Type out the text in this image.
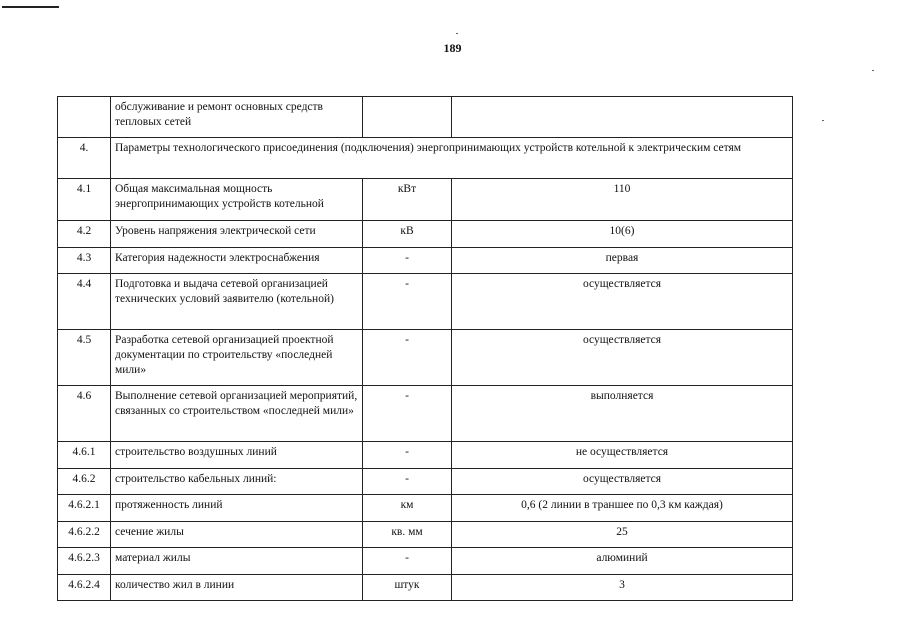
189
	обслуживание и ремонт основных средств тепловых сетей		
4.	Параметры технологического присоединения (подключения) энергопринимающих устройств котельной к электрическим сетям		
4.1	Общая максимальная мощность энергопринимающих устройств котельной	кВт	110
4.2	Уровень напряжения электрической сети	кВ	10(6)
4.3	Категория надежности электроснабжения	-	первая
4.4	Подготовка и выдача сетевой организацией технических условий заявителю (котельной)	-	осуществляется
4.5	Разработка сетевой организацией проектной документации по строительству «последней мили»	-	осуществляется
4.6	Выполнение сетевой организацией мероприятий, связанных со строительством «последней мили»	-	выполняется
4.6.1	строительство воздушных линий	-	не осуществляется
4.6.2	строительство кабельных линий:	-	осуществляется
4.6.2.1	протяженность линий	км	0,6 (2 линии в траншее по 0,3 км каждая)
4.6.2.2	сечение жилы	кв. мм	25
4.6.2.3	материал жилы	-	алюминий
4.6.2.4	количество жил в линии	штук	3
